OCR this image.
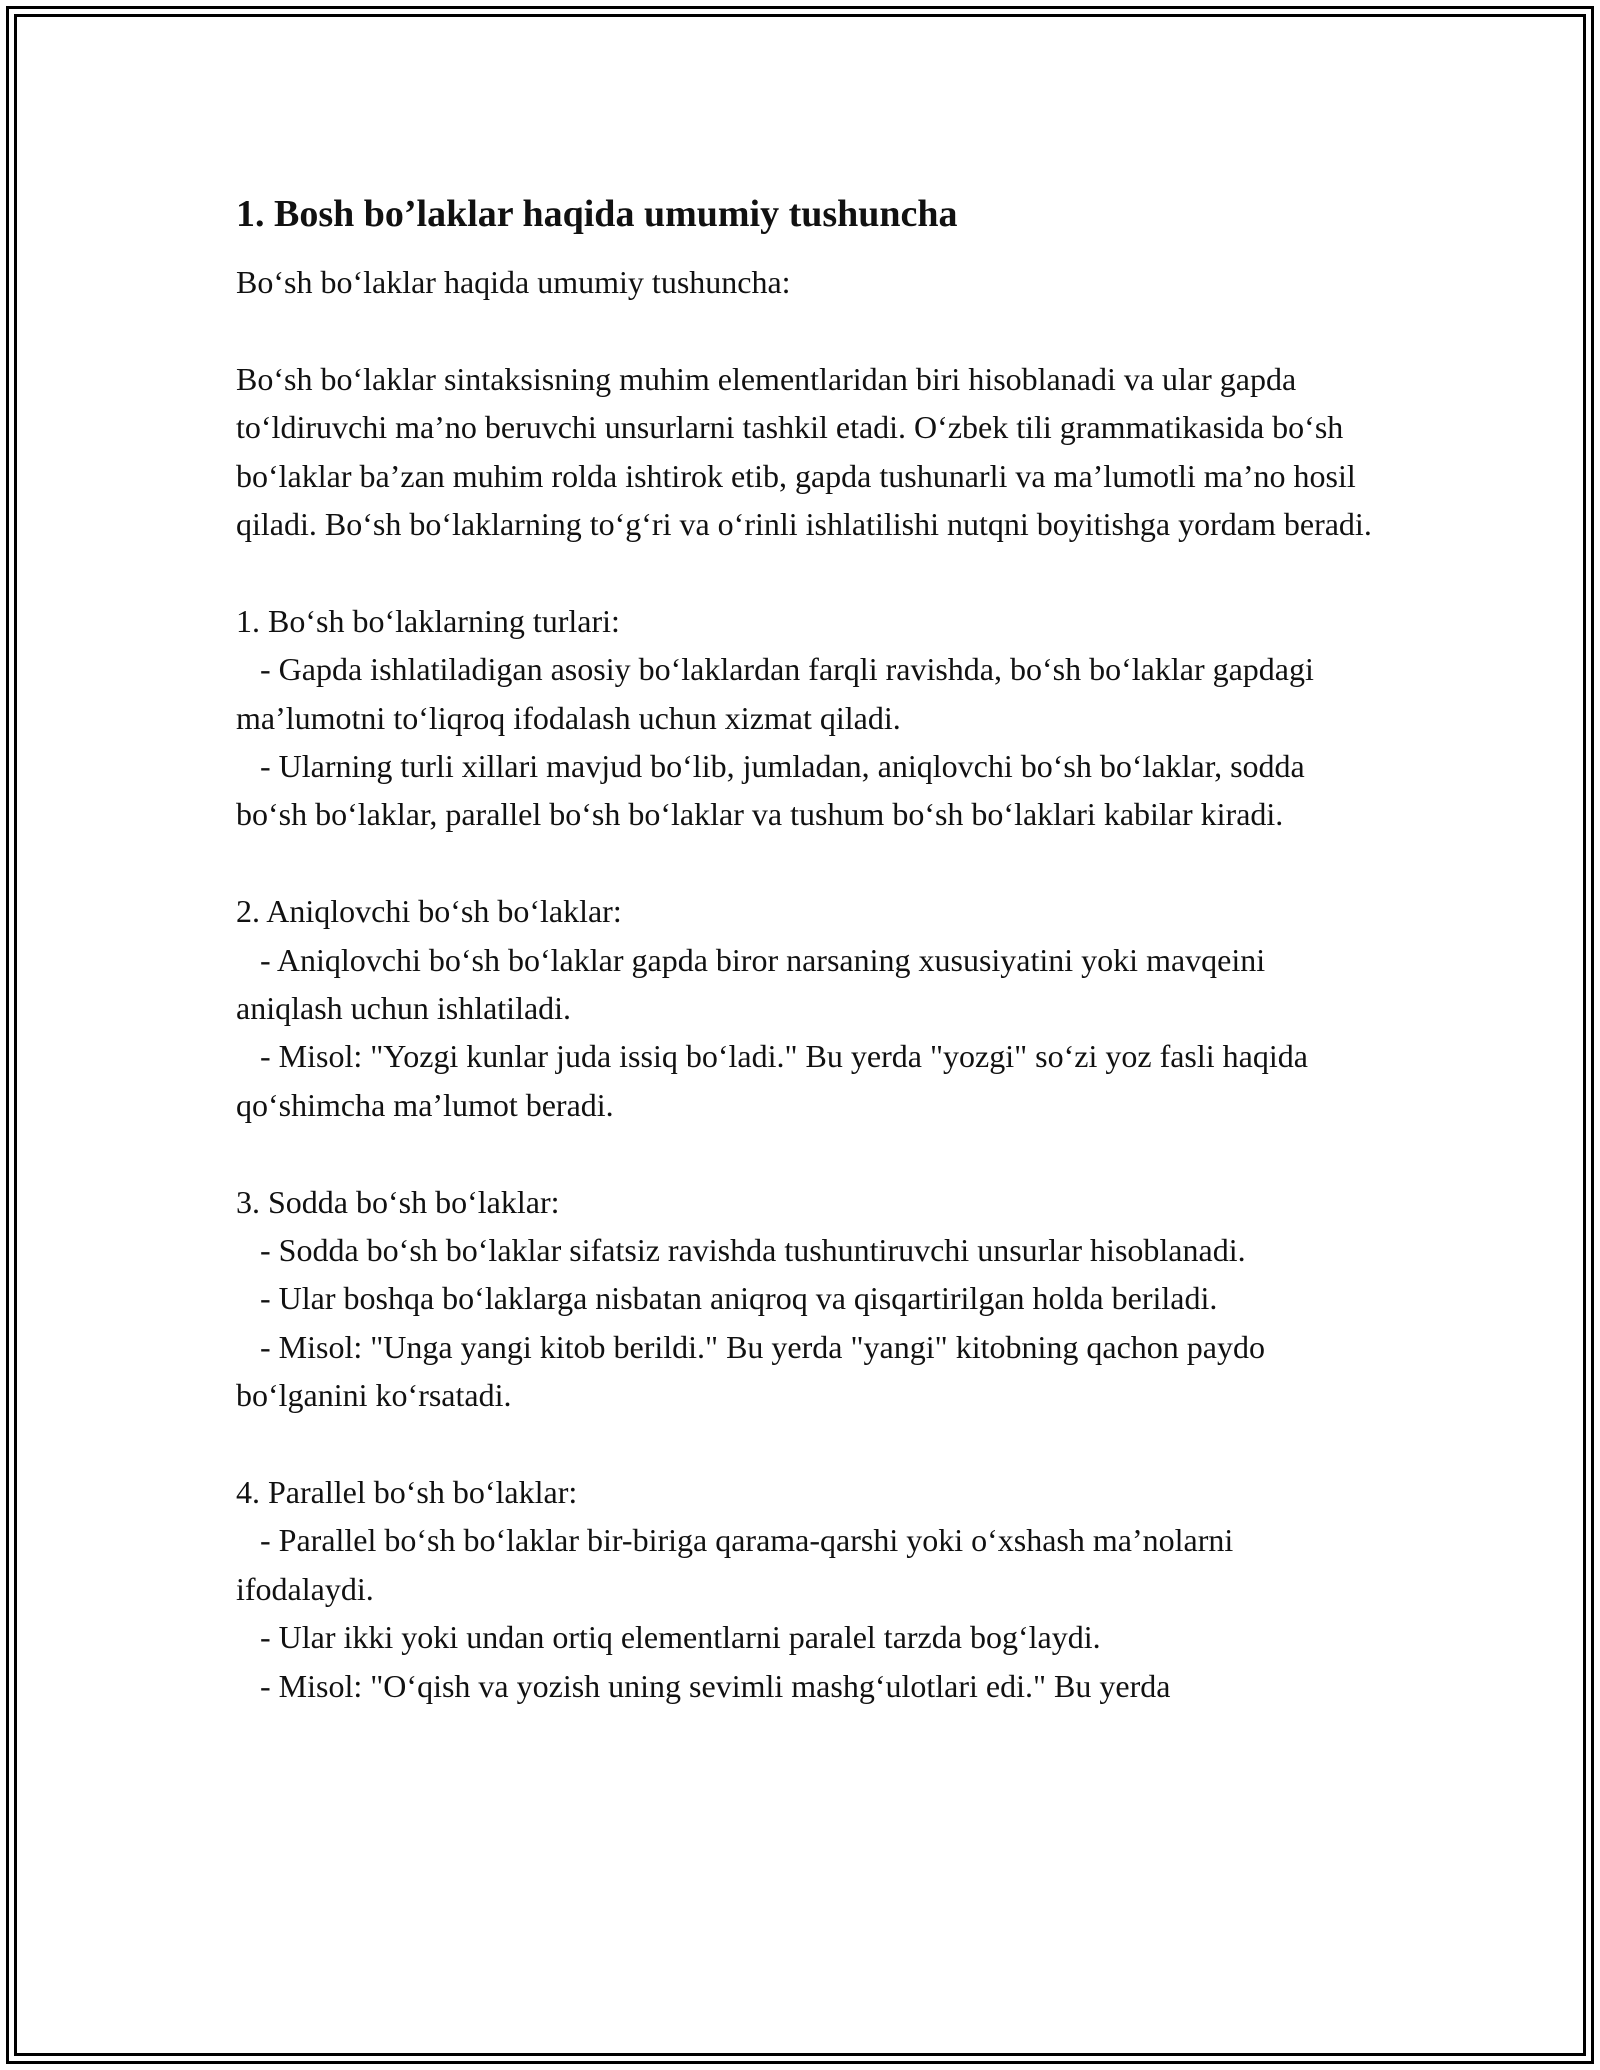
1. Bosh bo’laklar haqida umumiy tushuncha

Bo‘sh bo‘laklar haqida umumiy tushuncha:

Bo‘sh bo‘laklar sintaksisning muhim elementlaridan biri hisoblanadi va ular gapda to‘ldiruvchi ma’no beruvchi unsurlarni tashkil etadi. O‘zbek tili grammatikasida bo‘sh bo‘laklar ba’zan muhim rolda ishtirok etib, gapda tushunarli va ma’lumotli ma’no hosil qiladi. Bo‘sh bo‘laklarning to‘g‘ri va o‘rinli ishlatilishi nutqni boyitishga yordam beradi.

1. Bo‘sh bo‘laklarning turlari:

- Gapda ishlatiladigan asosiy bo‘laklardan farqli ravishda, bo‘sh bo‘laklar gapdagi ma’lumotni to‘liqroq ifodalash uchun xizmat qiladi.

- Ularning turli xillari mavjud bo‘lib, jumladan, aniqlovchi bo‘sh bo‘laklar, sodda bo‘sh bo‘laklar, parallel bo‘sh bo‘laklar va tushum bo‘sh bo‘laklari kabilar kiradi.

2. Aniqlovchi bo‘sh bo‘laklar:

- Aniqlovchi bo‘sh bo‘laklar gapda biror narsaning xususiyatini yoki mavqeini aniqlash uchun ishlatiladi.

- Misol: "Yozgi kunlar juda issiq bo‘ladi." Bu yerda "yozgi" so‘zi yoz fasli haqida qo‘shimcha ma’lumot beradi.

3. Sodda bo‘sh bo‘laklar:

- Sodda bo‘sh bo‘laklar sifatsiz ravishda tushuntiruvchi unsurlar hisoblanadi.

- Ular boshqa bo‘laklarga nisbatan aniqroq va qisqartirilgan holda beriladi.

- Misol: "Unga yangi kitob berildi." Bu yerda "yangi" kitobning qachon paydo bo‘lganini ko‘rsatadi.

4. Parallel bo‘sh bo‘laklar:

- Parallel bo‘sh bo‘laklar bir-biriga qarama-qarshi yoki o‘xshash ma’nolarni ifodalaydi.

- Ular ikki yoki undan ortiq elementlarni paralel tarzda bog‘laydi.

- Misol: "O‘qish va yozish uning sevimli mashg‘ulotlari edi." Bu yerda
